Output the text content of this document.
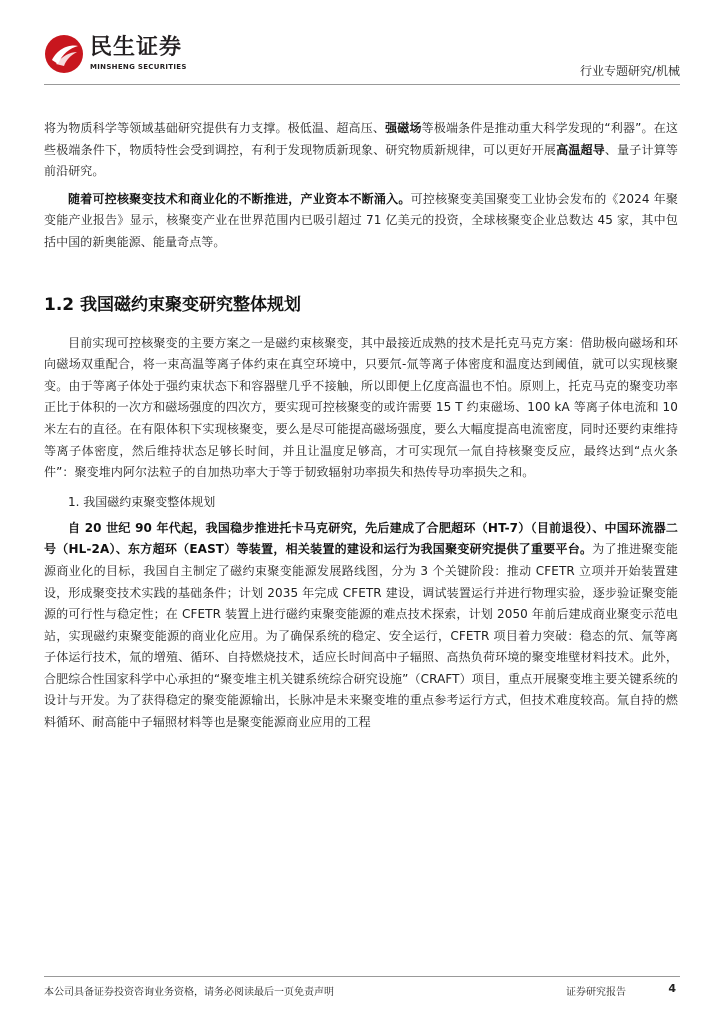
民生证券
MINSHENG SECURITIES	行业专题研究/机械

将为物质科学等领域基础研究提供有力支撑。极低温、超高压、强磁场等极端条件是推动重大科学发现的“利器”。在这些极端条件下，物质特性会受到调控，有利于发现物质新现象、研究物质新规律，可以更好开展高温超导、量子计算等前沿研究。

随着可控核聚变技术和商业化的不断推进，产业资本不断涌入。可控核聚变美国聚变工业协会发布的《2024 年聚变能产业报告》显示，核聚变产业在世界范围内已吸引超过 71 亿美元的投资，全球核聚变企业总数达 45 家，其中包括中国的新奥能源、能量奇点等。

1.2 我国磁约束聚变研究整体规划

目前实现可控核聚变的主要方案之一是磁约束核聚变，其中最接近成熟的技术是托克马克方案：借助极向磁场和环向磁场双重配合，将一束高温等离子体约束在真空环境中，只要氘-氚等离子体密度和温度达到阈值，就可以实现核聚变。由于等离子体处于强约束状态下和容器壁几乎不接触，所以即便上亿度高温也不怕。原则上，托克马克的聚变功率正比于体积的一次方和磁场强度的四次方，要实现可控核聚变的或许需要 15 T 约束磁场、100 kA 等离子体电流和 10 米左右的直径。在有限体积下实现核聚变，要么是尽可能提高磁场强度，要么大幅度提高电流密度，同时还要约束维持等离子体密度，然后维持状态足够长时间，并且让温度足够高，才可实现氘一氚自持核聚变反应，最终达到“点火条件”：聚变堆内阿尔法粒子的自加热功率大于等于韧致辐射功率损失和热传导功率损失之和。

1. 我国磁约束聚变整体规划

自 20 世纪 90 年代起，我国稳步推进托卡马克研究，先后建成了合肥超环（HT-7）（目前退役）、中国环流器二号（HL-2A）、东方超环（EAST）等装置，相关装置的建设和运行为我国聚变研究提供了重要平台。为了推进聚变能源商业化的目标，我国自主制定了磁约束聚变能源发展路线图，分为 3 个关键阶段：推动 CFETR 立项并开始装置建设，形成聚变技术实践的基础条件；计划 2035 年完成 CFETR 建设，调试装置运行并进行物理实验，逐步验证聚变能源的可行性与稳定性；在 CFETR 装置上进行磁约束聚变能源的难点技术探索，计划 2050 年前后建成商业聚变示范电站，实现磁约束聚变能源的商业化应用。为了确保系统的稳定、安全运行，CFETR 项目着力突破：稳态的氘、氚等离子体运行技术，氚的增殖、循环、自持燃烧技术，适应长时间高中子辐照、高热负荷环境的聚变堆壁材料技术。此外，合肥综合性国家科学中心承担的“聚变堆主机关键系统综合研究设施”（CRAFT）项目，重点开展聚变堆主要关键系统的设计与开发。为了获得稳定的聚变能源输出，长脉冲是未来聚变堆的重点参考运行方式，但技术难度较高。氚自持的燃料循环、耐高能中子辐照材料等也是聚变能源商业应用的工程

本公司具备证券投资咨询业务资格，请务必阅读最后一页免责声明	证券研究报告	4
